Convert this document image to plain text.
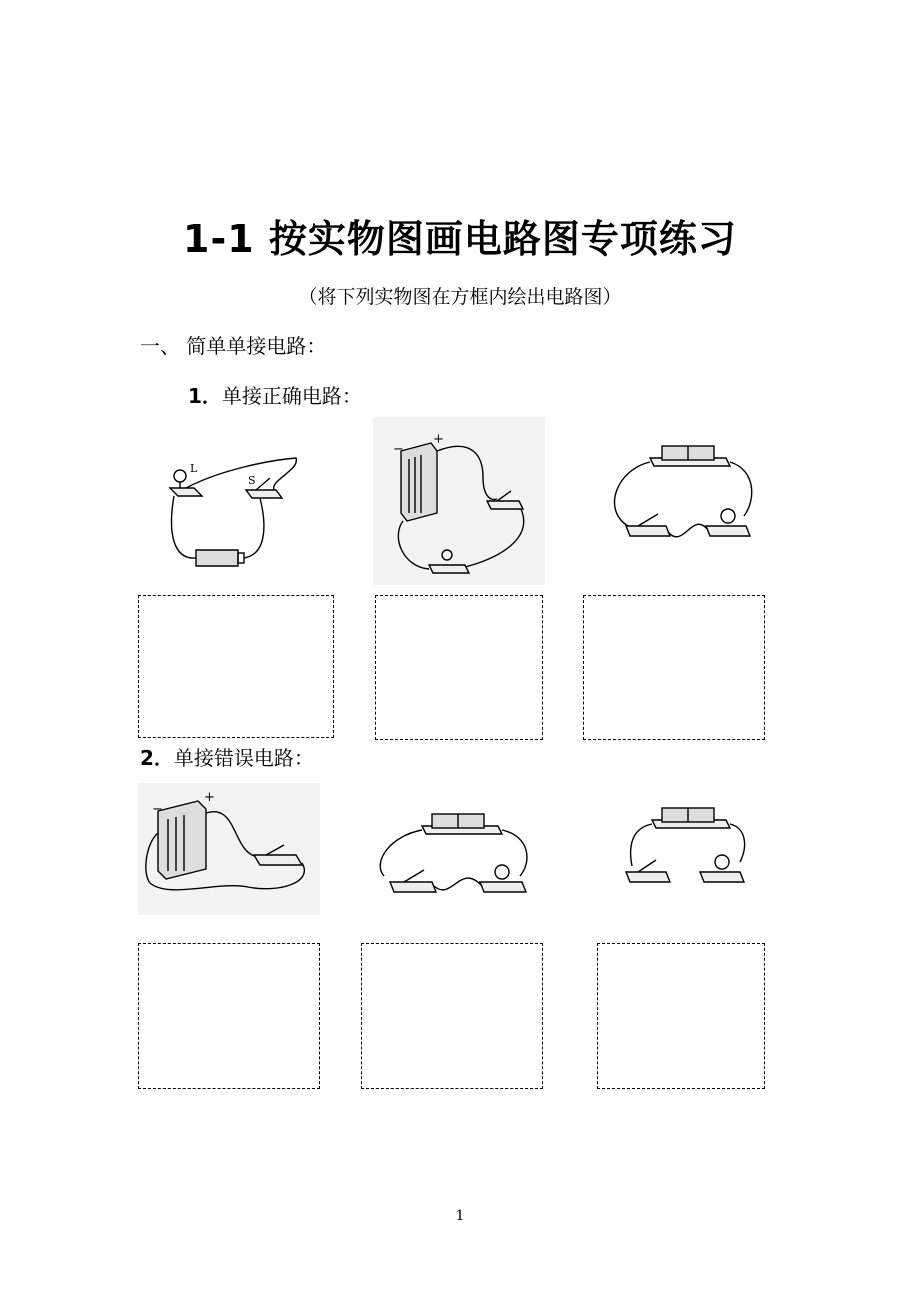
1-1 按实物图画电路图专项练习
（将下列实物图在方框内绘出电路图）
一、 简单单接电路：
1．单接正确电路：
L
S
+
−
2．单接错误电路：
+
−
1
